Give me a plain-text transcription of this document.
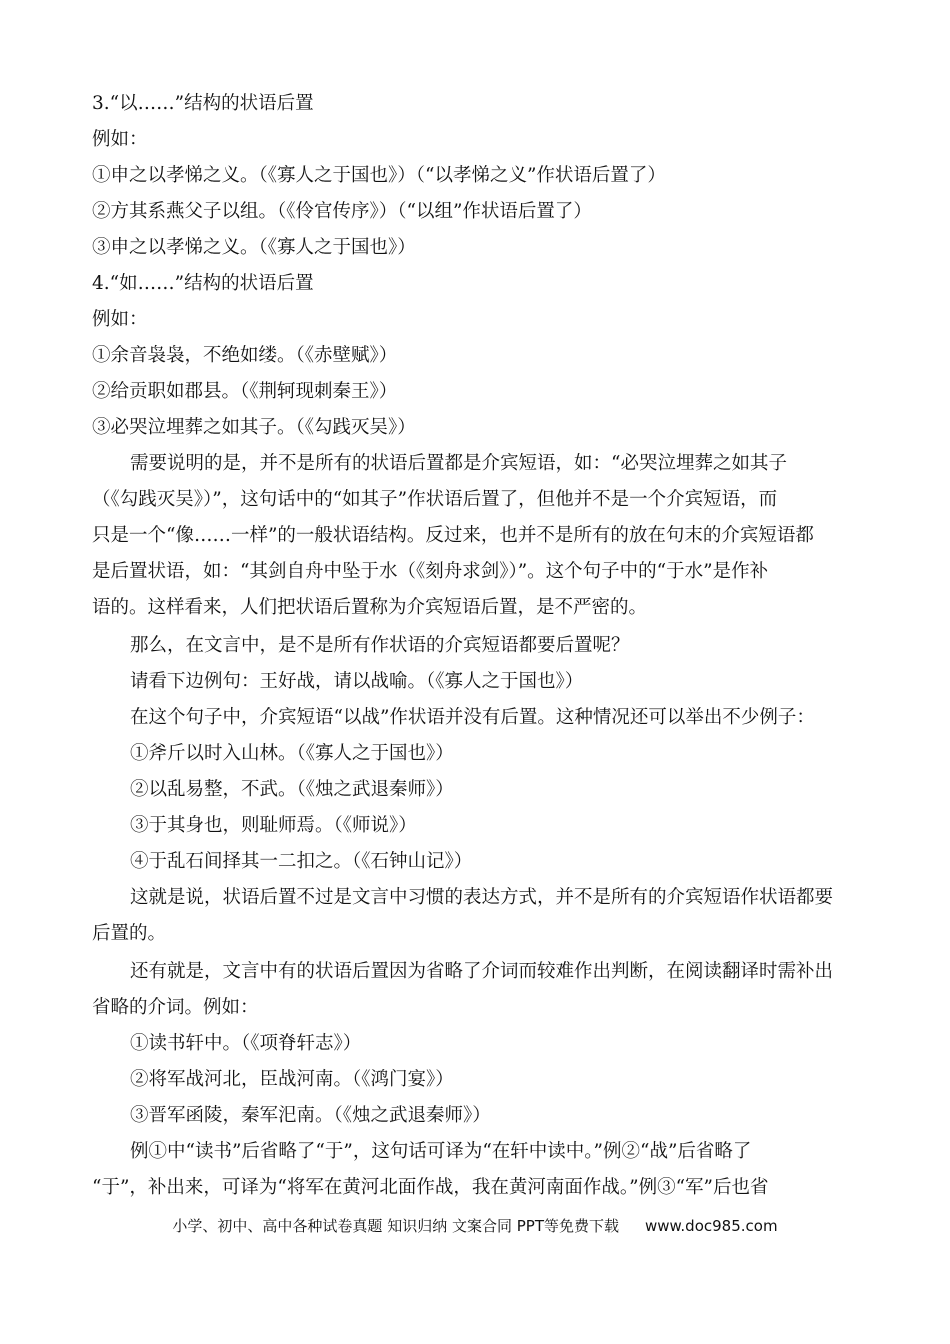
3.“以……”结构的状语后置
例如：
①申之以孝悌之义。（《寡人之于国也》）（“以孝悌之义”作状语后置了）
②方其系燕父子以组。（《伶官传序》）（“以组”作状语后置了）
③申之以孝悌之义。（《寡人之于国也》）
4.“如……”结构的状语后置
例如：
①余音袅袅，不绝如缕。（《赤壁赋》）
②给贡职如郡县。（《荆轲现刺秦王》）
③必哭泣埋葬之如其子。（《勾践灭吴》）
需要说明的是，并不是所有的状语后置都是介宾短语，如：“必哭泣埋葬之如其子
（《勾践灭吴》）”，这句话中的“如其子”作状语后置了，但他并不是一个介宾短语，而
只是一个“像……一样”的一般状语结构。反过来，也并不是所有的放在句末的介宾短语都
是后置状语，如：“其剑自舟中坠于水（《刻舟求剑》）”。这个句子中的“于水”是作补
语的。这样看来，人们把状语后置称为介宾短语后置，是不严密的。
那么，在文言中，是不是所有作状语的介宾短语都要后置呢？
请看下边例句：王好战，请以战喻。（《寡人之于国也》）
在这个句子中，介宾短语“以战”作状语并没有后置。这种情况还可以举出不少例子：
①斧斤以时入山林。（《寡人之于国也》）
②以乱易整，不武。（《烛之武退秦师》）
③于其身也，则耻师焉。（《师说》）
④于乱石间择其一二扣之。（《石钟山记》）
这就是说，状语后置不过是文言中习惯的表达方式，并不是所有的介宾短语作状语都要
后置的。
还有就是，文言中有的状语后置因为省略了介词而较难作出判断，在阅读翻译时需补出
省略的介词。例如：
①读书轩中。（《项脊轩志》）
②将军战河北，臣战河南。（《鸿门宴》）
③晋军函陵，秦军汜南。（《烛之武退秦师》）
例①中“读书”后省略了“于”，这句话可译为“在轩中读中。”例②“战”后省略了
“于”，补出来，可译为“将军在黄河北面作战，我在黄河南面作战。”例③“军”后也省
小学、初中、高中各种试卷真题 知识归纳 文案合同 PPT等免费下载 www.doc985.com
